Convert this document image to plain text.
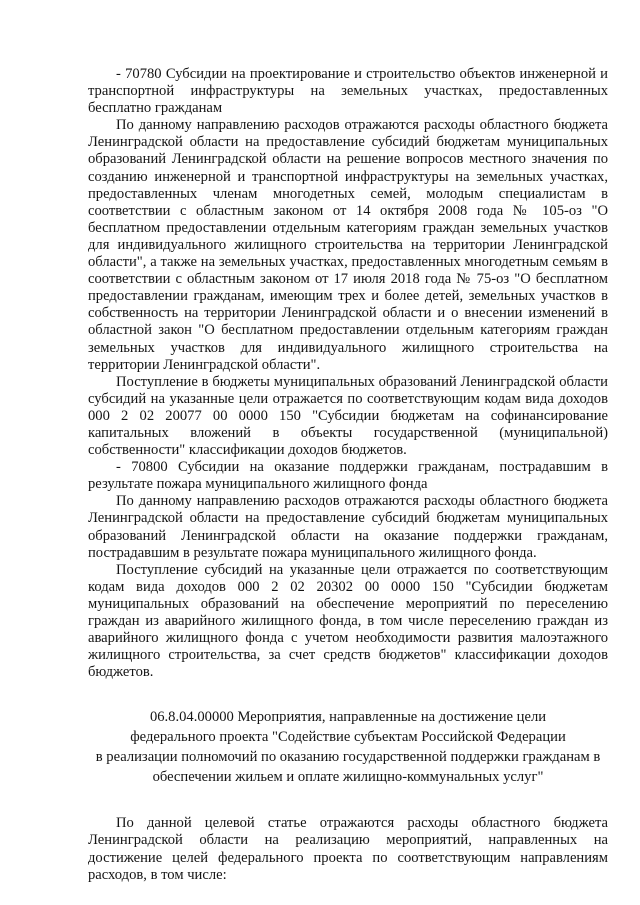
- 70780 Субсидии на проектирование и строительство объектов инженерной и транспортной инфраструктуры на земельных участках, предоставленных бесплатно гражданам

По данному направлению расходов отражаются расходы областного бюджета Ленинградской области на предоставление субсидий бюджетам муниципальных образований Ленинградской области на решение вопросов местного значения по созданию инженерной и транспортной инфраструктуры на земельных участках, предоставленных членам многодетных семей, молодым специалистам в соответствии с областным законом от 14 октября 2008 года № 105-оз "О бесплатном предоставлении отдельным категориям граждан земельных участков для индивидуального жилищного строительства на территории Ленинградской области", а также на земельных участках, предоставленных многодетным семьям в соответствии с областным законом от 17 июля 2018 года № 75-оз "О бесплатном предоставлении гражданам, имеющим трех и более детей, земельных участков в собственность на территории Ленинградской области и о внесении изменений в областной закон "О бесплатном предоставлении отдельным категориям граждан земельных участков для индивидуального жилищного строительства на территории Ленинградской области".

Поступление в бюджеты муниципальных образований Ленинградской области субсидий на указанные цели отражается по соответствующим кодам вида доходов 000 2 02 20077 00 0000 150 "Субсидии бюджетам на софинансирование капитальных вложений в объекты государственной (муниципальной) собственности" классификации доходов бюджетов.

- 70800 Субсидии на оказание поддержки гражданам, пострадавшим в результате пожара муниципального жилищного фонда

По данному направлению расходов отражаются расходы областного бюджета Ленинградской области на предоставление субсидий бюджетам муниципальных образований Ленинградской области на оказание поддержки гражданам, пострадавшим в результате пожара муниципального жилищного фонда.

Поступление субсидий на указанные цели отражается по соответствующим кодам вида доходов 000 2 02 20302 00 0000 150 "Субсидии бюджетам муниципальных образований на обеспечение мероприятий по переселению граждан из аварийного жилищного фонда, в том числе переселению граждан из аварийного жилищного фонда с учетом необходимости развития малоэтажного жилищного строительства, за счет средств бюджетов" классификации доходов бюджетов.

06.8.04.00000 Мероприятия, направленные на достижение цели

федерального проекта "Содействие субъектам Российской Федерации

в реализации полномочий по оказанию государственной поддержки гражданам в

обеспечении жильем и оплате жилищно-коммунальных услуг"

По данной целевой статье отражаются расходы областного бюджета Ленинградской области на реализацию мероприятий, направленных на достижение целей федерального проекта по соответствующим направлениям расходов, в том числе:
